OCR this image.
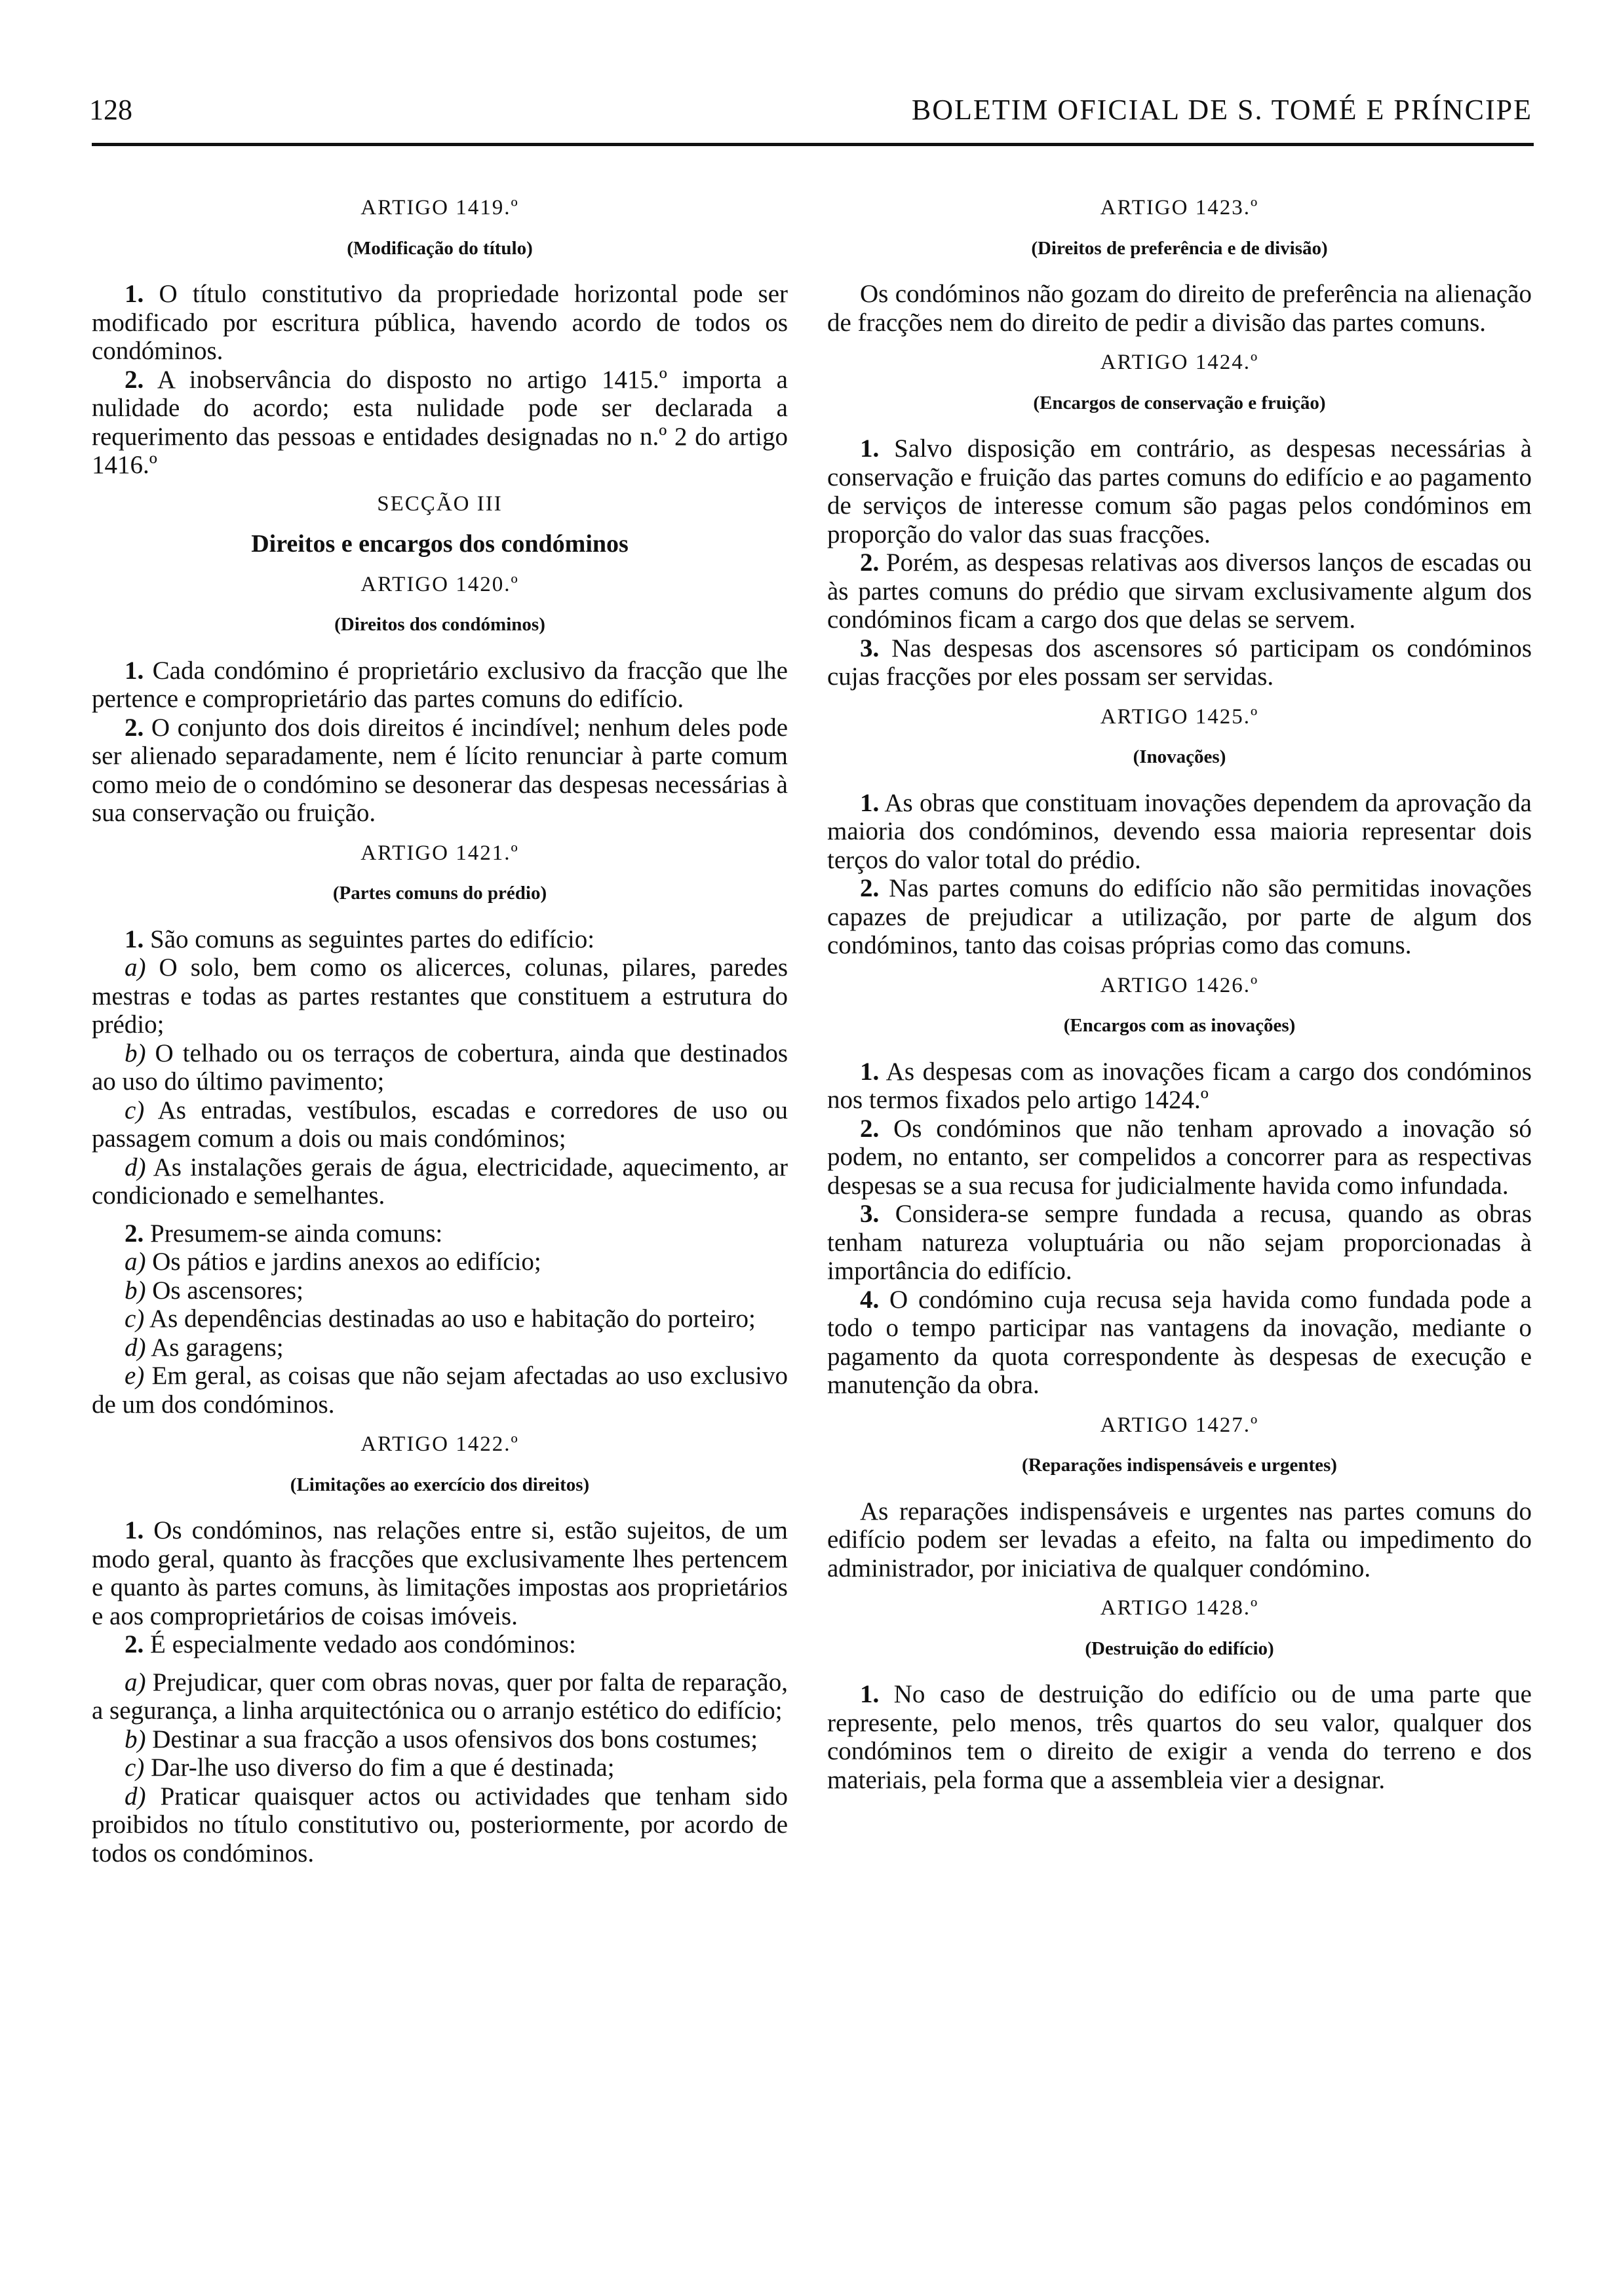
128	BOLETIM OFICIAL DE S. TOMÉ E PRÍNCIPE
ARTIGO 1419.º
(Modificação do título)

1. O título constitutivo da propriedade horizontal pode ser modificado por escritura pública, havendo acordo de todos os condóminos.

2. A inobservância do disposto no artigo 1415.º importa a nulidade do acordo; esta nulidade pode ser declarada a requerimento das pessoas e entidades designadas no n.º 2 do artigo 1416.º

SECÇÃO III
Direitos e encargos dos condóminos
ARTIGO 1420.º
(Direitos dos condóminos)

1. Cada condómino é proprietário exclusivo da fracção que lhe pertence e comproprietário das partes comuns do edifício.

2. O conjunto dos dois direitos é incindível; nenhum deles pode ser alienado separadamente, nem é lícito renunciar à parte comum como meio de o condómino se desonerar das despesas necessárias à sua conservação ou fruição.

ARTIGO 1421.º
(Partes comuns do prédio)

1. São comuns as seguintes partes do edifício:

a) O solo, bem como os alicerces, colunas, pilares, paredes mestras e todas as partes restantes que constituem a estrutura do prédio;

b) O telhado ou os terraços de cobertura, ainda que destinados ao uso do último pavimento;

c) As entradas, vestíbulos, escadas e corredores de uso ou passagem comum a dois ou mais condóminos;

d) As instalações gerais de água, electricidade, aquecimento, ar condicionado e semelhantes.

2. Presumem-se ainda comuns:

a) Os pátios e jardins anexos ao edifício;

b) Os ascensores;

c) As dependências destinadas ao uso e habitação do porteiro;

d) As garagens;

e) Em geral, as coisas que não sejam afectadas ao uso exclusivo de um dos condóminos.

ARTIGO 1422.º
(Limitações ao exercício dos direitos)

1. Os condóminos, nas relações entre si, estão sujeitos, de um modo geral, quanto às fracções que exclusivamente lhes pertencem e quanto às partes comuns, às limitações impostas aos proprietários e aos comproprietários de coisas imóveis.

2. É especialmente vedado aos condóminos:

a) Prejudicar, quer com obras novas, quer por falta de reparação, a segurança, a linha arquitectónica ou o arranjo estético do edifício;

b) Destinar a sua fracção a usos ofensivos dos bons costumes;

c) Dar-lhe uso diverso do fim a que é destinada;

d) Praticar quaisquer actos ou actividades que tenham sido proibidos no título constitutivo ou, posteriormente, por acordo de todos os condóminos.

ARTIGO 1423.º
(Direitos de preferência e de divisão)

Os condóminos não gozam do direito de preferência na alienação de fracções nem do direito de pedir a divisão das partes comuns.

ARTIGO 1424.º
(Encargos de conservação e fruição)

1. Salvo disposição em contrário, as despesas necessárias à conservação e fruição das partes comuns do edifício e ao pagamento de serviços de interesse comum são pagas pelos condóminos em proporção do valor das suas fracções.

2. Porém, as despesas relativas aos diversos lanços de escadas ou às partes comuns do prédio que sirvam exclusivamente algum dos condóminos ficam a cargo dos que delas se servem.

3. Nas despesas dos ascensores só participam os condóminos cujas fracções por eles possam ser servidas.

ARTIGO 1425.º
(Inovações)

1. As obras que constituam inovações dependem da aprovação da maioria dos condóminos, devendo essa maioria representar dois terços do valor total do prédio.

2. Nas partes comuns do edifício não são permitidas inovações capazes de prejudicar a utilização, por parte de algum dos condóminos, tanto das coisas próprias como das comuns.

ARTIGO 1426.º
(Encargos com as inovações)

1. As despesas com as inovações ficam a cargo dos condóminos nos termos fixados pelo artigo 1424.º

2. Os condóminos que não tenham aprovado a inovação só podem, no entanto, ser compelidos a concorrer para as respectivas despesas se a sua recusa for judicialmente havida como infundada.

3. Considera-se sempre fundada a recusa, quando as obras tenham natureza voluptuária ou não sejam proporcionadas à importância do edifício.

4. O condómino cuja recusa seja havida como fundada pode a todo o tempo participar nas vantagens da inovação, mediante o pagamento da quota correspondente às despesas de execução e manutenção da obra.

ARTIGO 1427.º
(Reparações indispensáveis e urgentes)

As reparações indispensáveis e urgentes nas partes comuns do edifício podem ser levadas a efeito, na falta ou impedimento do administrador, por iniciativa de qualquer condómino.

ARTIGO 1428.º
(Destruição do edifício)

1. No caso de destruição do edifício ou de uma parte que represente, pelo menos, três quartos do seu valor, qualquer dos condóminos tem o direito de exigir a venda do terreno e dos materiais, pela forma que a assembleia vier a designar.
